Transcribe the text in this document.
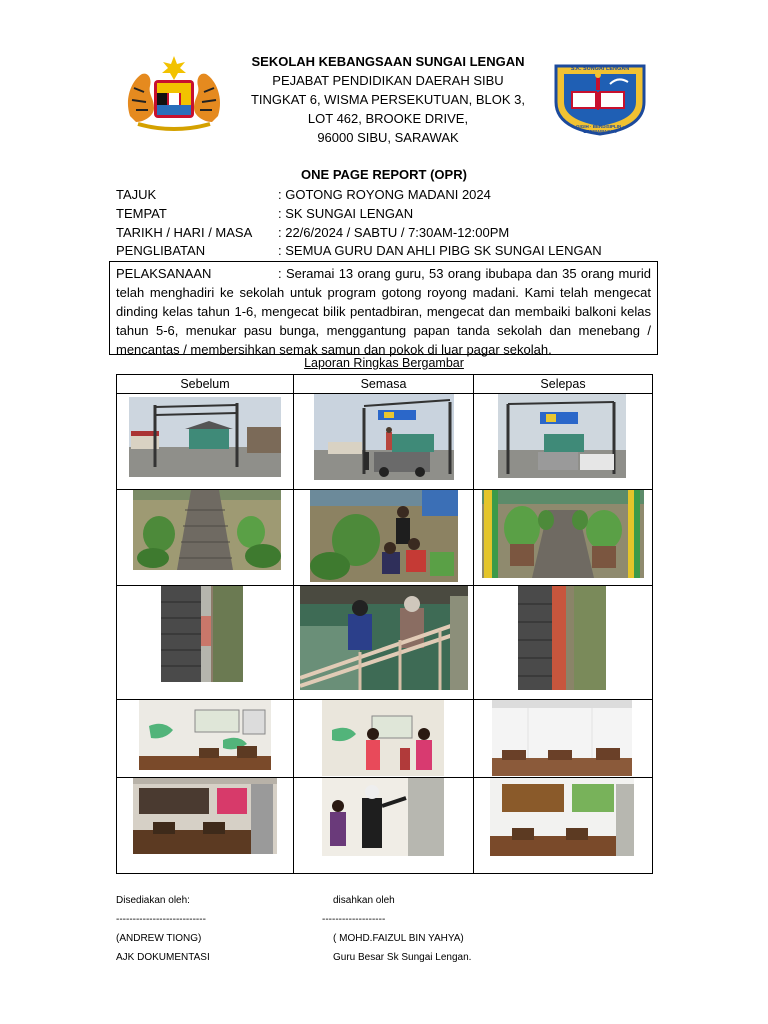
SEKOLAH KEBANGSAAN SUNGAI LENGAN
PEJABAT PENDIDIKAN DAERAH SIBU
TINGKAT 6, WISMA PERSEKUTUAN, BLOK 3,
LOT 462, BROOKE DRIVE,
96000 SIBU, SARAWAK
S.K. SUNGAI LENGAN
GIGIH · BERDISIPLIN · BERWAWASAN
ONE PAGE REPORT (OPR)
TAJUK	: GOTONG ROYONG MADANI 2024
TEMPAT	: SK SUNGAI LENGAN
TARIKH / HARI / MASA : 22/6/2024 / SABTU / 7:30AM-12:00PM
PENGLIBATAN	: SEMUA GURU DAN AHLI PIBG SK SUNGAI LENGAN
PELAKSANAAN	: Seramai 13 orang guru, 53 orang ibubapa dan 35 orang murid telah menghadiri ke sekolah untuk program gotong royong madani. Kami telah mengecat dinding kelas tahun 1-6, mengecat bilik pentadbiran, mengecat dan membaiki balkoni kelas tahun 5-6, menukar pasu bunga, menggantung papan tanda sekolah dan menebang / mencantas / membersihkan semak samun dan pokok di luar pagar sekolah.
Laporan Ringkas Bergambar
Sebelum	Semasa	Selepas

Disediakan oleh:
---------------------------
(ANDREW TIONG)
AJK DOKUMENTASI
disahkan oleh
-------------------
( MOHD.FAIZUL BIN YAHYA)
Guru Besar Sk Sungai Lengan.
